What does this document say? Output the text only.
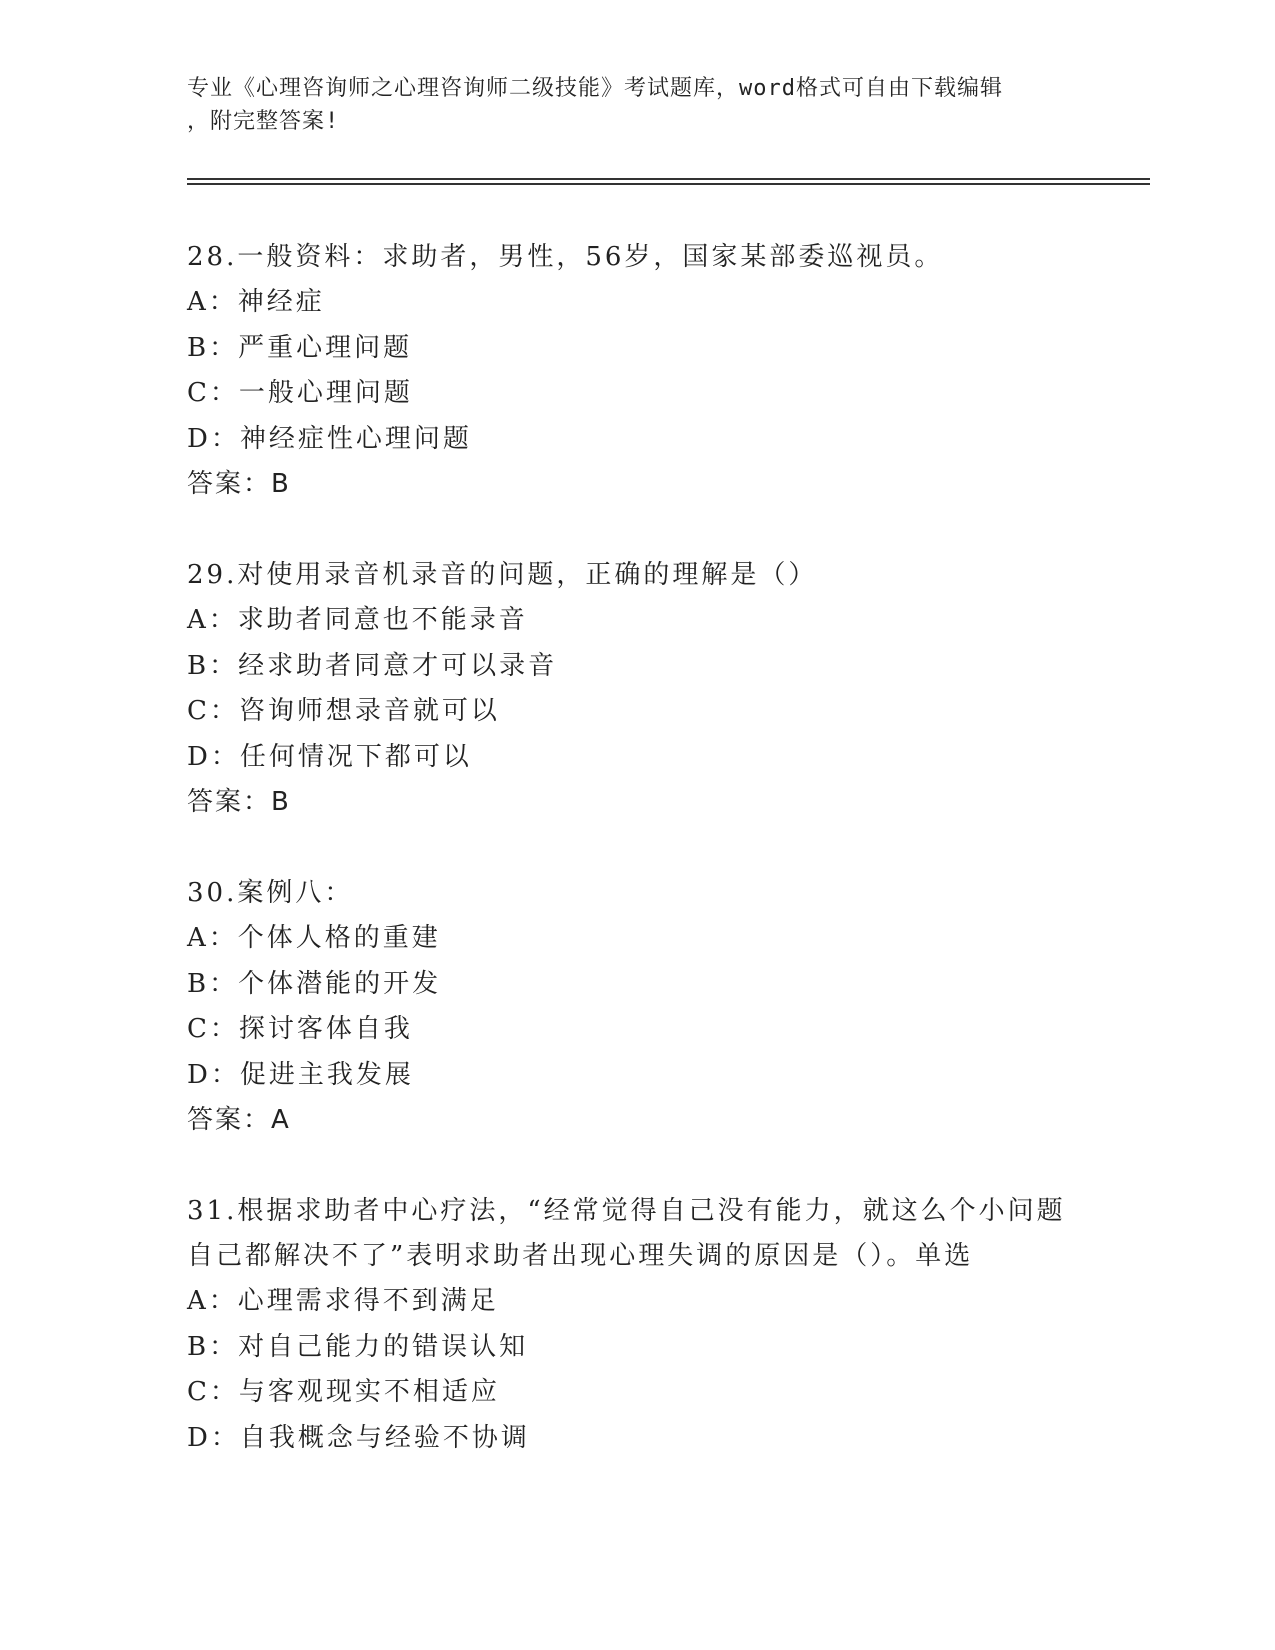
专业《心理咨询师之心理咨询师二级技能》考试题库，word格式可自由下载编辑
，附完整答案!

28.一般资料：求助者，男性，56岁，国家某部委巡视员。

A：神经症

B：严重心理问题

C：一般心理问题

D：神经症性心理问题

答案：B

29.对使用录音机录音的问题，正确的理解是（）

A：求助者同意也不能录音

B：经求助者同意才可以录音

C：咨询师想录音就可以

D：任何情况下都可以

答案：B

30.案例八：

A：个体人格的重建

B：个体潜能的开发

C：探讨客体自我

D：促进主我发展

答案：A

31.根据求助者中心疗法，“经常觉得自己没有能力，就这么个小问题

自己都解决不了”表明求助者出现心理失调的原因是（）。单选

A：心理需求得不到满足

B：对自己能力的错误认知

C：与客观现实不相适应

D：自我概念与经验不协调
